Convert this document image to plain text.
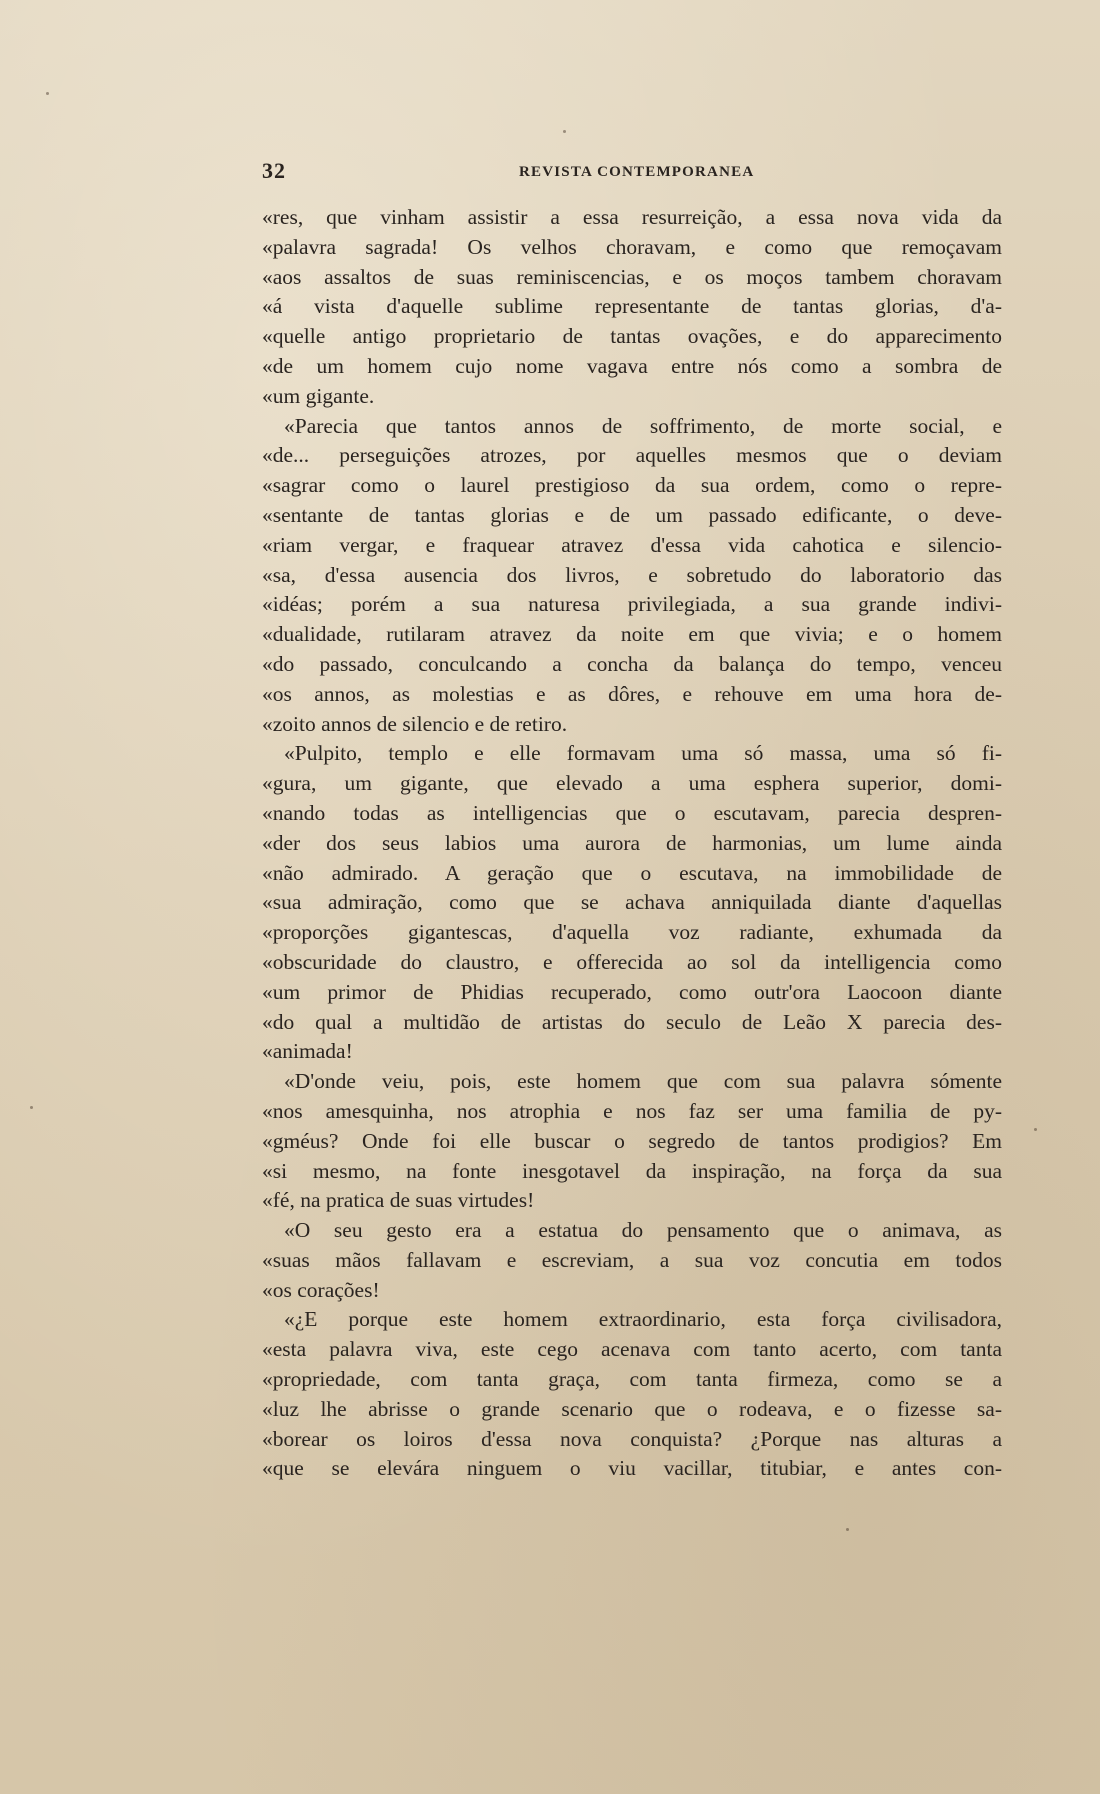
32	REVISTA CONTEMPORANEA
«res, que vinham assistir a essa resurreição, a essa nova vida da
«palavra sagrada! Os velhos choravam, e como que remoçavam
«aos assaltos de suas reminiscencias, e os moços tambem choravam
«á vista d'aquelle sublime representante de tantas glorias, d'a-
«quelle antigo proprietario de tantas ovações, e do apparecimento
«de um homem cujo nome vagava entre nós como a sombra de
«um gigante.
«Parecia que tantos annos de soffrimento, de morte social, e
«de... perseguições atrozes, por aquelles mesmos que o deviam
«sagrar como o laurel prestigioso da sua ordem, como o repre-
«sentante de tantas glorias e de um passado edificante, o deve-
«riam vergar, e fraquear atravez d'essa vida cahotica e silencio-
«sa, d'essa ausencia dos livros, e sobretudo do laboratorio das
«idéas; porém a sua naturesa privilegiada, a sua grande indivi-
«dualidade, rutilaram atravez da noite em que vivia; e o homem
«do passado, conculcando a concha da balança do tempo, venceu
«os annos, as molestias e as dôres, e rehouve em uma hora de-
«zoito annos de silencio e de retiro.
«Pulpito, templo e elle formavam uma só massa, uma só fi-
«gura, um gigante, que elevado a uma esphera superior, domi-
«nando todas as intelligencias que o escutavam, parecia despren-
«der dos seus labios uma aurora de harmonias, um lume ainda
«não admirado. A geração que o escutava, na immobilidade de
«sua admiração, como que se achava anniquilada diante d'aquellas
«proporções gigantescas, d'aquella voz radiante, exhumada da
«obscuridade do claustro, e offerecida ao sol da intelligencia como
«um primor de Phidias recuperado, como outr'ora Laocoon diante
«do qual a multidão de artistas do seculo de Leão X parecia des-
«animada!
«D'onde veiu, pois, este homem que com sua palavra sómente
«nos amesquinha, nos atrophia e nos faz ser uma familia de py-
«gméus? Onde foi elle buscar o segredo de tantos prodigios? Em
«si mesmo, na fonte inesgotavel da inspiração, na força da sua
«fé, na pratica de suas virtudes!
«O seu gesto era a estatua do pensamento que o animava, as
«suas mãos fallavam e escreviam, a sua voz concutia em todos
«os corações!
«¿E porque este homem extraordinario, esta força civilisadora,
«esta palavra viva, este cego acenava com tanto acerto, com tanta
«propriedade, com tanta graça, com tanta firmeza, como se a
«luz lhe abrisse o grande scenario que o rodeava, e o fizesse sa-
«borear os loiros d'essa nova conquista? ¿Porque nas alturas a
«que se elevára ninguem o viu vacillar, titubiar, e antes con-
